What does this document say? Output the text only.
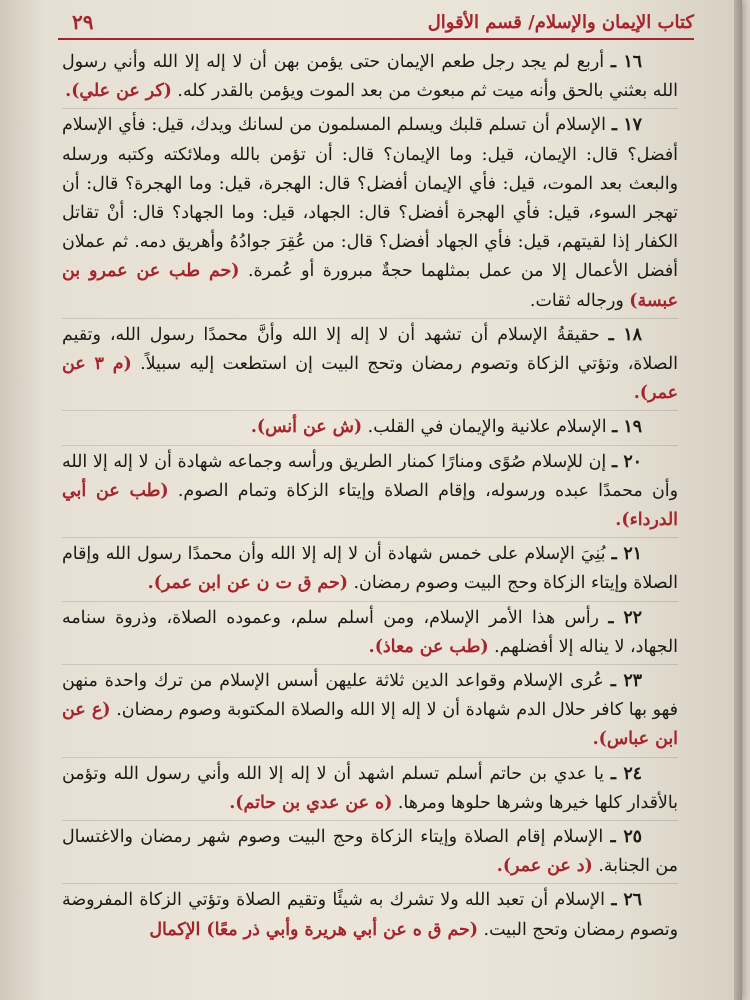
كتاب الإيمان والإسلام/ قسم الأقوال
٢٩

١٦ ـ أربع لم يجد رجل طعم الإيمان حتى يؤمن بهن أن لا إله إلا الله وأني رسول الله بعثني بالحق وأنه ميت ثم مبعوث من بعد الموت ويؤمن بالقدر كله. (كر عن علي).

١٧ ـ الإسلام أن تسلم قلبك ويسلم المسلمون من لسانك ويدك، قيل: فأي الإسلام أفضل؟ قال: الإيمان، قيل: وما الإيمان؟ قال: أن تؤمن بالله وملائكته وكتبه ورسله والبعث بعد الموت، قيل: فأي الإيمان أفضل؟ قال: الهجرة، قيل: وما الهجرة؟ قال: أن تهجر السوء، قيل: فأي الهجرة أفضل؟ قال: الجهاد، قيل: وما الجهاد؟ قال: أنْ تقاتل الكفار إذا لقيتهم، قيل: فأي الجهاد أفضل؟ قال: من عُقِرَ جوادُهُ وأهريق دمه. ثم عملان أفضل الأعمال إلا من عمل بمثلهما حجةٌ مبرورة أو عُمرة. (حم طب عن عمرو بن عبسة) ورجاله ثقات.

١٨ ـ حقيقةُ الإسلام أن تشهد أن لا إله إلا الله وأنَّ محمدًا رسول الله، وتقيم الصلاة، وتؤتي الزكاة وتصوم رمضان وتحج البيت إن استطعت إليه سبيلاً. (م ٣ عن عمر).

١٩ ـ الإسلام علانية والإيمان في القلب. (ش عن أنس).

٢٠ ـ إن للإسلام صُوًى ومنارًا كمنار الطريق ورأسه وجماعه شهادة أن لا إله إلا الله وأن محمدًا عبده ورسوله، وإقام الصلاة وإيتاء الزكاة وتمام الصوم. (طب عن أبي الدرداء).

٢١ ـ بُنِيَ الإسلام على خمس شهادة أن لا إله إلا الله وأن محمدًا رسول الله وإقام الصلاة وإيتاء الزكاة وحج البيت وصوم رمضان. (حم ق ت ن عن ابن عمر).

٢٢ ـ رأس هذا الأمر الإسلام، ومن أسلم سلم، وعموده الصلاة، وذروة سنامه الجهاد، لا يناله إلا أفضلهم. (طب عن معاذ).

٢٣ ـ عُرى الإسلام وقواعد الدين ثلاثة عليهن أسس الإسلام من ترك واحدة منهن فهو بها كافر حلال الدم شهادة أن لا إله إلا الله والصلاة المكتوبة وصوم رمضان. (ع عن ابن عباس).

٢٤ ـ يا عدي بن حاتم أسلم تسلم اشهد أن لا إله إلا الله وأني رسول الله وتؤمن بالأقدار كلها خيرها وشرها حلوها ومرها. (ه عن عدي بن حاتم).

٢٥ ـ الإسلام إقام الصلاة وإيتاء الزكاة وحج البيت وصوم شهر رمضان والاغتسال من الجنابة. (د عن عمر).

٢٦ ـ الإسلام أن تعبد الله ولا تشرك به شيئًا وتقيم الصلاة وتؤتي الزكاة المفروضة وتصوم رمضان وتحج البيت. (حم ق ه عن أبي هريرة وأبي ذر معًا) الإكمال
